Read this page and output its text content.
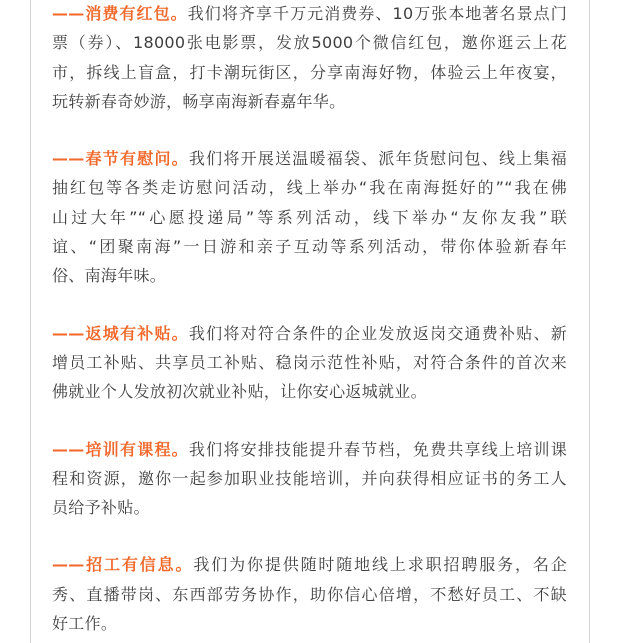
——消费有红包。我们将齐享千万元消费券、10万张本地著名景点门
票（券）、18000张电影票，发放5000个微信红包，邀你逛云上花
市，拆线上盲盒，打卡潮玩街区，分享南海好物，体验云上年夜宴，
玩转新春奇妙游，畅享南海新春嘉年华。
——春节有慰问。我们将开展送温暖福袋、派年货慰问包、线上集福
抽红包等各类走访慰问活动，线上举办“我在南海挺好的”“我在佛
山过大年”“心愿投递局”等系列活动，线下举办“友你友我”联
谊、“团聚南海”一日游和亲子互动等系列活动，带你体验新春年
俗、南海年味。
——返城有补贴。我们将对符合条件的企业发放返岗交通费补贴、新
增员工补贴、共享员工补贴、稳岗示范性补贴，对符合条件的首次来
佛就业个人发放初次就业补贴，让你安心返城就业。
——培训有课程。我们将安排技能提升春节档，免费共享线上培训课
程和资源，邀你一起参加职业技能培训，并向获得相应证书的务工人
员给予补贴。
——招工有信息。我们为你提供随时随地线上求职招聘服务，名企
秀、直播带岗、东西部劳务协作，助你信心倍增，不愁好员工、不缺
好工作。
